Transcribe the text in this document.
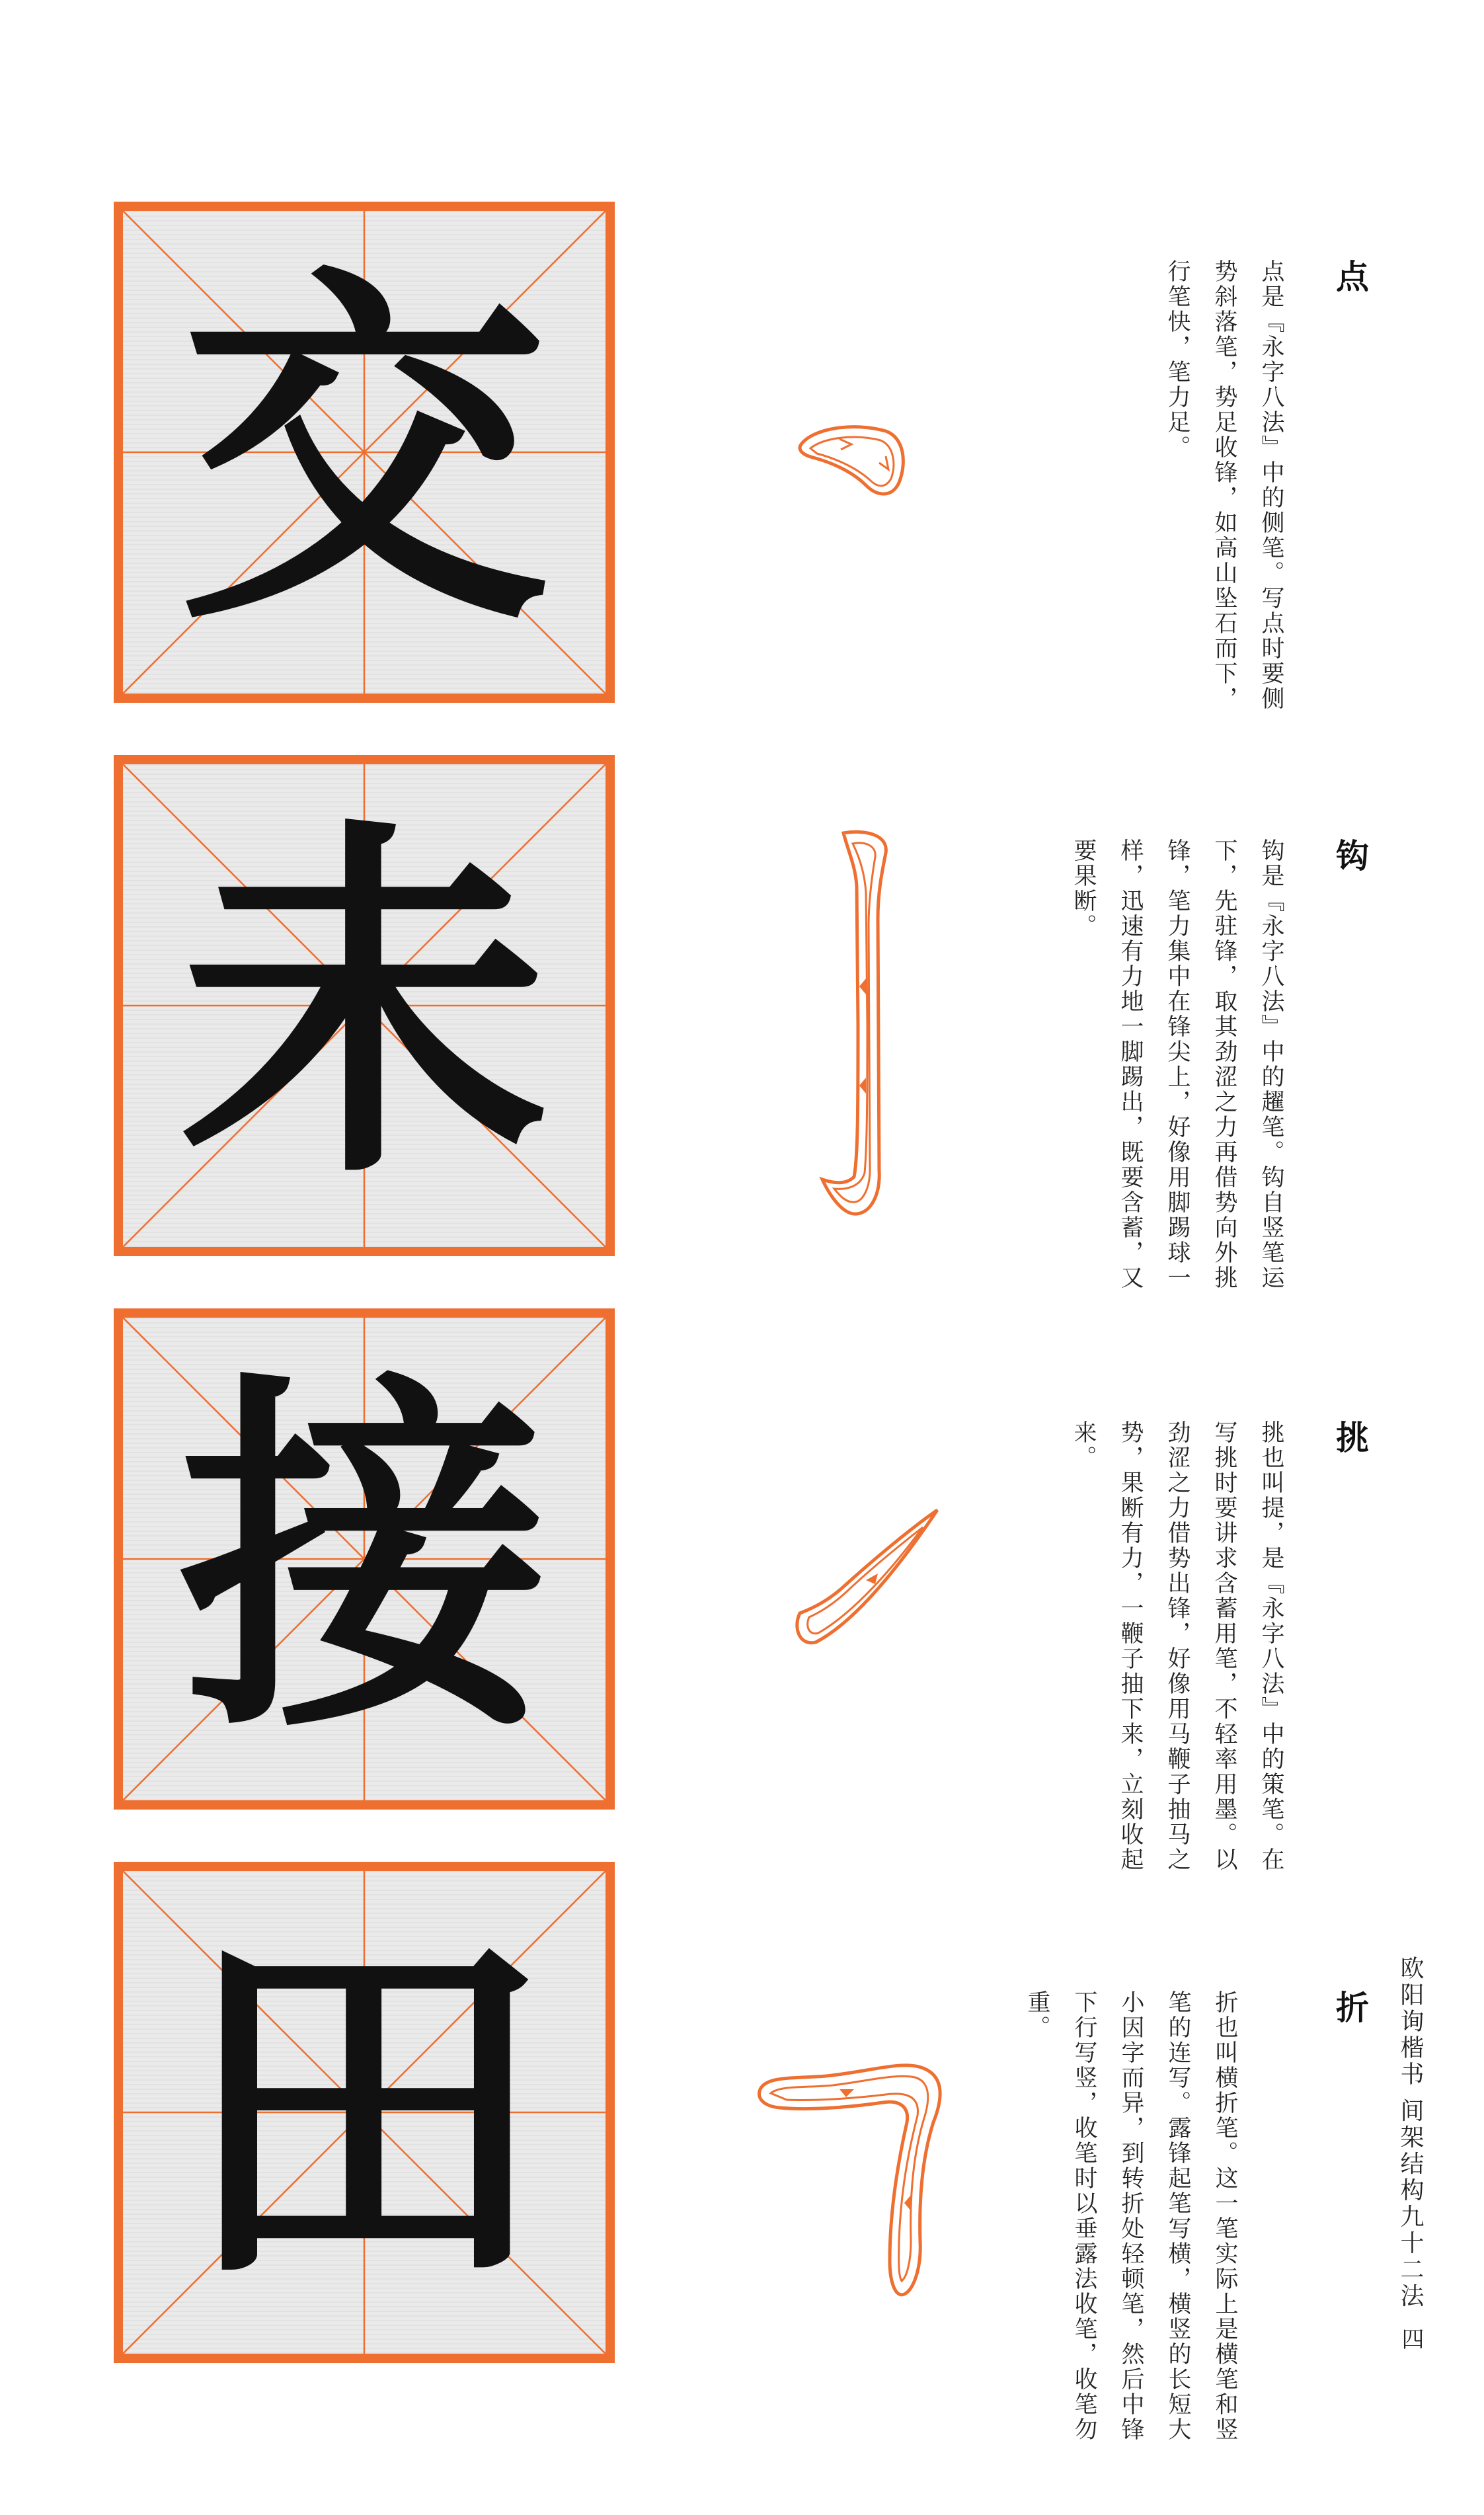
交
未
接
田
点

点是『永字八法』中的侧笔。写点时要侧势斜落笔，势足收锋，如高山坠石而下，行笔快，笔力足。

钩

钩是『永字八法』中的趯笔。钩自竖笔运下，先驻锋，取其劲涩之力再借势向外挑锋，笔力集中在锋尖上，好像用脚踢球一样，迅速有力地一脚踢出，既要含蓄，又要果断。

挑

挑也叫提，是『永字八法』中的策笔。在写挑时要讲求含蓄用笔，不轻率用墨。以劲涩之力借势出锋，好像用马鞭子抽马之势，果断有力，一鞭子抽下来，立刻收起来。

折

折也叫横折笔。这一笔实际上是横笔和竖笔的连写。露锋起笔写横，横竖的长短大小因字而异，到转折处轻顿笔，然后中锋下行写竖，收笔时以垂露法收笔，收笔勿重。	欧阳询楷书 间架结构九十二法
四
